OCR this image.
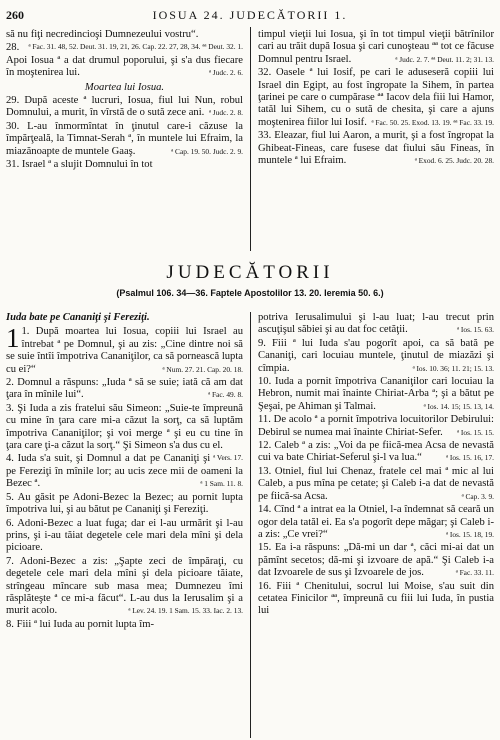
260	IOSUA 24. JUDECĂTORII 1.

să nu fiţi necredincioşi Dumnezeului vostru“.
ª Fac. 31. 48, 52. Deut. 31. 19, 21, 26. Cap. 22. 27, 28, 34. ªª Deut. 32. 1.

28. Apoi Iosua ª a dat drumul poporului, şi s'a dus fiecare în moştenirea lui.	ª Judc. 2. 6.

Moartea lui Iosua.

29. După aceste ª lucruri, Iosua, fiul lui Nun, robul Domnului, a murit, în vîrstă de o sută zece ani. ª Judc. 2. 8.

30. L-au înmormîntat în ţinutul care-i căzuse la împărţeală, la Timnat-Serah ª, în muntele lui Efraim, la miazănoapte de muntele Gaaş.	ª Cap. 19. 50. Judc. 2. 9.

31. Israel ª a slujit Domnului în tot

timpul vieţii lui Iosua, şi în tot timpul vieţii bătrînilor cari au trăit după Iosua şi cari cunoşteau ªª tot ce făcuse Domnul pentru Israel.	ª Judc. 2. 7. ªª Deut. 11. 2; 31. 13.

32. Oasele ª lui Iosif, pe cari le aduseseră copiii lui Israel din Egipt, au fost îngropate la Sihem, în partea ţarinei pe care o cumpărase ªª Iacov dela fiii lui Hamor, tatăl lui Sihem, cu o sută de chesita, şi care a ajuns moştenirea fiilor lui Iosif. ª Fac. 50. 25. Exod. 13. 19. ªª Fac. 33. 19.

33. Eleazar, fiul lui Aaron, a murit, şi a fost îngropat la Ghibeat-Fineas, care fusese dat fiului său Fineas, în muntele ª lui Efraim.	ª Exod. 6. 25. Judc. 20. 28.

JUDECĂTORII
(Psalmul 106. 34—36. Faptele Apostolilor 13. 20. Ieremia 50. 6.)
Iuda bate pe Cananiţi şi Fereziţi.
1 1. După moartea lui Iosua, copiii lui Israel au întrebat ª pe Domnul, şi au zis: „Cine dintre noi să se suie întîi împotriva Cananiţilor, ca să pornească lupta cu ei?“	ª Num. 27. 21. Cap. 20. 18.

2. Domnul a răspuns: „Iuda ª să se suie; iată că am dat ţara în mînile lui“.	ª Fac. 49. 8.

3. Şi Iuda a zis fratelui său Simeon: „Suie-te împreună cu mine în ţara care mi-a căzut la sorţ, ca să luptăm împotriva Cananiţilor; şi voi merge ª şi eu cu tine în ţara care ţi-a căzut la sorţ.“ Şi Simeon s'a dus cu el.
ª Vers. 17.

4. Iuda s'a suit, şi Domnul a dat pe Cananiţi şi pe Fereziţi în mînile lor; au ucis zece mii de oameni la Bezec ª.	ª 1 Sam. 11. 8.

5. Au găsit pe Adoni-Bezec la Bezec; au pornit lupta împotriva lui, şi au bătut pe Cananiţi şi Fereziţi.

6. Adoni-Bezec a luat fuga; dar ei l-au urmărit şi l-au prins, şi i-au tăiat degetele cele mari dela mîni şi dela picioare.

7. Adoni-Bezec a zis: „Şapte zeci de împăraţi, cu degetele cele mari dela mîni şi dela picioare tăiate, strîngeau mîncare sub masa mea; Dumnezeu îmi răsplăteşte ª ce mi-a făcut“. L-au dus la Ierusalim şi a murit acolo.	ª Lev. 24. 19. 1 Sam. 15. 33. Iac. 2. 13.

8. Fiii ª lui Iuda au pornit lupta îm-

potriva Ierusalimului şi l-au luat; l-au trecut prin ascuţişul săbiei şi au dat foc cetăţii.	ª Ios. 15. 63.

9. Fiii ª lui Iuda s'au pogorît apoi, ca să bată pe Cananiţi, cari locuiau muntele, ţinutul de miazăzi şi cîmpia.	ª Ios. 10. 36; 11. 21; 15. 13.

10. Iuda a pornit împotriva Cananiţilor cari locuiau la Hebron, numit mai înainte Chiriat-Arba ª; şi a bătut pe Şeşai, pe Ahiman şi Talmai.	ª Ios. 14. 15; 15. 13, 14.

11. De acolo ª a pornit împotriva locuitorilor Debirului: Debirul se numea mai înainte Chiriat-Sefer.	ª Ios. 15. 15.

12. Caleb ª a zis: „Voi da pe fiică-mea Acsa de nevastă cui va bate Chiriat-Seferul şi-l va lua.“	ª Ios. 15. 16, 17.

13. Otniel, fiul lui Chenaz, fratele cel mai ª mic al lui Caleb, a pus mîna pe cetate; şi Caleb i-a dat de nevastă pe fiică-sa Acsa.	ª Cap. 3. 9.

14. Cînd ª a intrat ea la Otniel, l-a îndemnat să ceară un ogor dela tatăl ei. Ea s'a pogorît depe măgar; şi Caleb i-a zis: „Ce vrei?“	ª Ios. 15. 18, 19.

15. Ea i-a răspuns: „Dă-mi un dar ª, căci mi-ai dat un pămînt secetos; dă-mi şi izvoare de apă.“ Şi Caleb i-a dat Izvoarele de sus şi Izvoarele de jos.	ª Fac. 33. 11.

16. Fiii ª Chenitului, socrul lui Moise, s'au suit din cetatea Finicilor ªª, împreună cu fiii lui Iuda, în pustia lui
